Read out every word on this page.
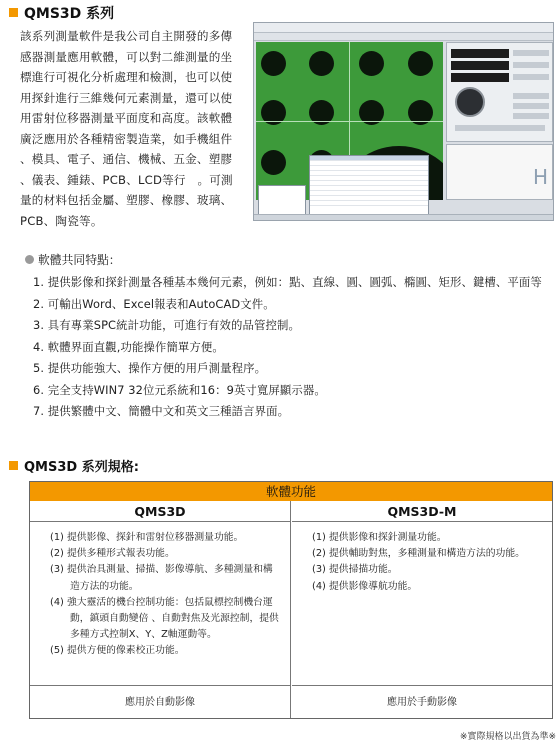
QMS3D 系列
該系列測量軟件是我公司自主開發的多傳
感器測量應用軟體，可以對二維測量的坐
標進行可視化分析處理和檢測，也可以使
用探針進行三維幾何元素測量，還可以使
用雷射位移器測量平面度和高度。該軟體
廣泛應用於各種精密製造業，如手機組件
、模具、電子、通信、機械、五金、塑膠
、儀表、鍾錶、PCB、LCD等行　。可測
量的材料包括金屬、塑膠、橡膠、玻璃、
PCB、陶瓷等。
H
軟體共同特點：
1. 提供影像和探針測量各種基本幾何元素，例如：點、直線、圓、圓弧、橢圓、矩形、鍵槽、平面等
2. 可輸出Word、Excel報表和AutoCAD文件。
3. 具有專業SPC統計功能，可進行有效的品管控制。
4. 軟體界面直觀,功能操作簡單方便。
5. 提供功能強大、操作方便的用戶測量程序。
6. 完全支持WIN7 32位元系統和16：9英寸寬屏顯示器。
7. 提供繁體中文、簡體中文和英文三種語言界面。
QMS3D 系列規格:
軟體功能
QMS3D
(1) 提供影像、探針和雷射位移器測量功能。
(2) 提供多種形式報表功能。
(3) 提供治具測量、掃描、影像導航、多種測量和構造方法的功能。
(4) 強大靈活的機台控制功能：包括鼠標控制機台運動，鎮頭自動變倍 、自動對焦及光源控制，提供多種方式控制X、Y、Z軸運動等。
(5) 提供方便的像素校正功能。
應用於自動影像
QMS3D-M
(1) 提供影像和探針測量功能。
(2) 提供輔助對焦，多種測量和構造方法的功能。
(3) 提供掃描功能。
(4) 提供影像導航功能。
應用於手動影像
※實際規格以出貨為準※
